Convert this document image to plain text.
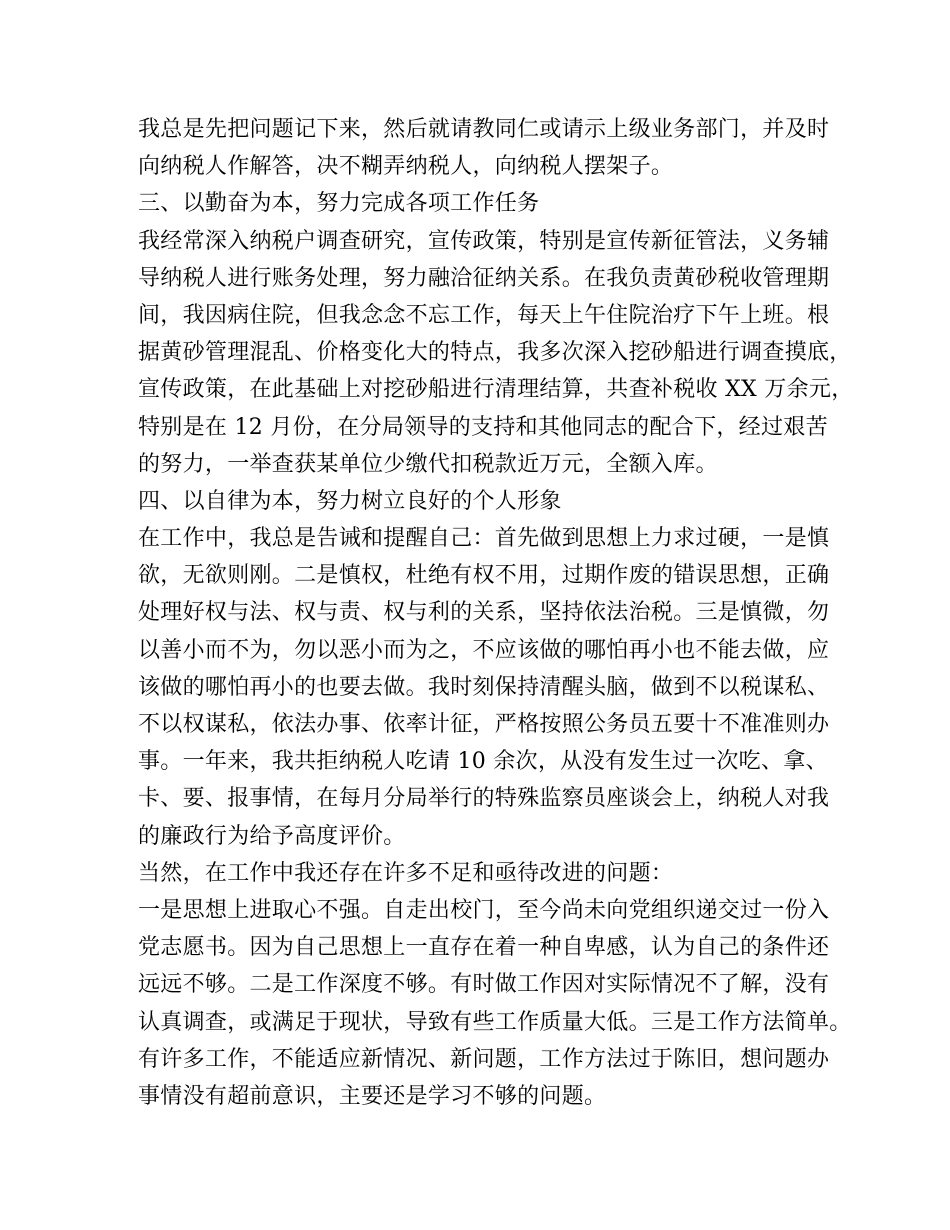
我总是先把问题记下来，然后就请教同仁或请示上级业务部门，并及时
向纳税人作解答，决不糊弄纳税人，向纳税人摆架子。
三、以勤奋为本，努力完成各项工作任务
我经常深入纳税户调查研究，宣传政策，特别是宣传新征管法，义务辅
导纳税人进行账务处理，努力融洽征纳关系。在我负责黄砂税收管理期
间，我因病住院，但我念念不忘工作，每天上午住院治疗下午上班。根
据黄砂管理混乱、价格变化大的特点，我多次深入挖砂船进行调查摸底，
宣传政策，在此基础上对挖砂船进行清理结算，共查补税收 XX 万余元，
特别是在 12 月份，在分局领导的支持和其他同志的配合下，经过艰苦
的努力，一举查获某单位少缴代扣税款近万元，全额入库。
四、以自律为本，努力树立良好的个人形象
在工作中，我总是告诫和提醒自己：首先做到思想上力求过硬，一是慎
欲，无欲则刚。二是慎权，杜绝有权不用，过期作废的错误思想，正确
处理好权与法、权与责、权与利的关系，坚持依法治税。三是慎微，勿
以善小而不为，勿以恶小而为之，不应该做的哪怕再小也不能去做，应
该做的哪怕再小的也要去做。我时刻保持清醒头脑，做到不以税谋私、
不以权谋私，依法办事、依率计征，严格按照公务员五要十不准准则办
事。一年来，我共拒纳税人吃请 10 余次，从没有发生过一次吃、拿、
卡、要、报事情，在每月分局举行的特殊监察员座谈会上，纳税人对我
的廉政行为给予高度评价。
当然，在工作中我还存在许多不足和亟待改进的问题：
一是思想上进取心不强。自走出校门，至今尚未向党组织递交过一份入
党志愿书。因为自己思想上一直存在着一种自卑感，认为自己的条件还
远远不够。二是工作深度不够。有时做工作因对实际情况不了解，没有
认真调查，或满足于现状，导致有些工作质量大低。三是工作方法简单。
有许多工作，不能适应新情况、新问题，工作方法过于陈旧，想问题办
事情没有超前意识，主要还是学习不够的问题。
